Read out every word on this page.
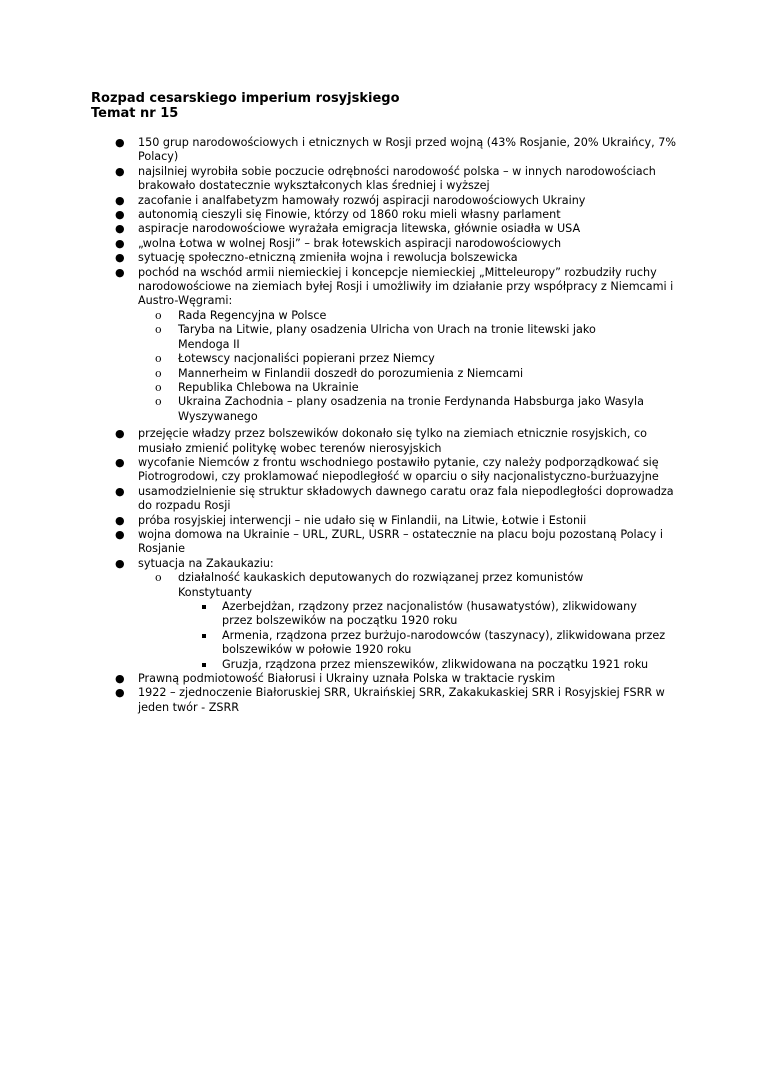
Rozpad cesarskiego imperium rosyjskiego
Temat nr 15
● 150 grup narodowościowych i etnicznych w Rosji przed wojną (43% Rosjanie, 20% Ukraińcy, 7% Polacy)
● najsilniej wyrobiła sobie poczucie odrębności narodowość polska – w innych narodowościach brakowało dostatecznie wykształconych klas średniej i wyższej
● zacofanie i analfabetyzm hamowały rozwój aspiracji narodowościowych Ukrainy
● autonomią cieszyli się Finowie, którzy od 1860 roku mieli własny parlament
● aspiracje narodowościowe wyrażała emigracja litewska, głównie osiadła w USA
● „wolna Łotwa w wolnej Rosji” – brak łotewskich aspiracji narodowościowych
● sytuację społeczno-etniczną zmieniła wojna i rewolucja bolszewicka
● pochód na wschód armii niemieckiej i koncepcje niemieckiej „Mitteleuropy” rozbudziły ruchy narodowościowe na ziemiach byłej Rosji i umożliwiły im działanie przy współpracy z Niemcami i Austro-Węgrami:
o Rada Regencyjna w Polsce
o Taryba na Litwie, plany osadzenia Ulricha von Urach na tronie litewski jako Mendoga II
o Łotewscy nacjonaliści popierani przez Niemcy
o Mannerheim w Finlandii doszedł do porozumienia z Niemcami
o Republika Chlebowa na Ukrainie
o Ukraina Zachodnia – plany osadzenia na tronie Ferdynanda Habsburga jako Wasyla Wyszywanego
● przejęcie władzy przez bolszewików dokonało się tylko na ziemiach etnicznie rosyjskich, co musiało zmienić politykę wobec terenów nierosyjskich
● wycofanie Niemców z frontu wschodniego postawiło pytanie, czy należy podporządkować się Piotrogrodowi, czy proklamować niepodległość w oparciu o siły nacjonalistyczno-burżuazyjne
● usamodzielnienie się struktur składowych dawnego caratu oraz fala niepodległości doprowadza do rozpadu Rosji
● próba rosyjskiej interwencji – nie udało się w Finlandii, na Litwie, Łotwie i Estonii
● wojna domowa na Ukrainie – URL, ZURL, USRR – ostatecznie na placu boju pozostaną Polacy i Rosjanie
● sytuacja na Zakaukaziu:
o działalność kaukaskich deputowanych do rozwiązanej przez komunistów Konstytuanty
Azerbejdżan, rządzony przez nacjonalistów (husawatystów), zlikwidowany przez bolszewików na początku 1920 roku
Armenia, rządzona przez burżujo-narodowców (taszynacy), zlikwidowana przez bolszewików w połowie 1920 roku
Gruzja, rządzona przez mienszewików, zlikwidowana na początku 1921 roku
● Prawną podmiotowość Białorusi i Ukrainy uznała Polska w traktacie ryskim
● 1922 – zjednoczenie Białoruskiej SRR, Ukraińskiej SRR, Zakakukaskiej SRR i Rosyjskiej FSRR w jeden twór - ZSRR
